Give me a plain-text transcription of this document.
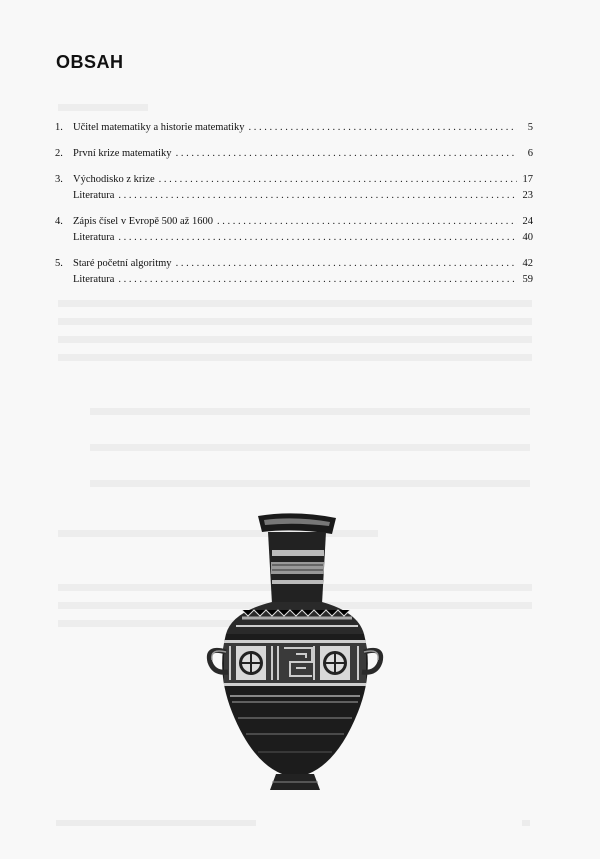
OBSAH
1. Učitel matematiky a historie matematiky . . .	5
2. První krize matematiky . . .	6
3. Východisko z krize . . .	17
Literatura . . .	23
4. Zápis čísel v Evropě 500 až 1600 . . .	24
Literatura . . .	40
5. Staré početní algoritmy . . .	42
Literatura . . .	59
